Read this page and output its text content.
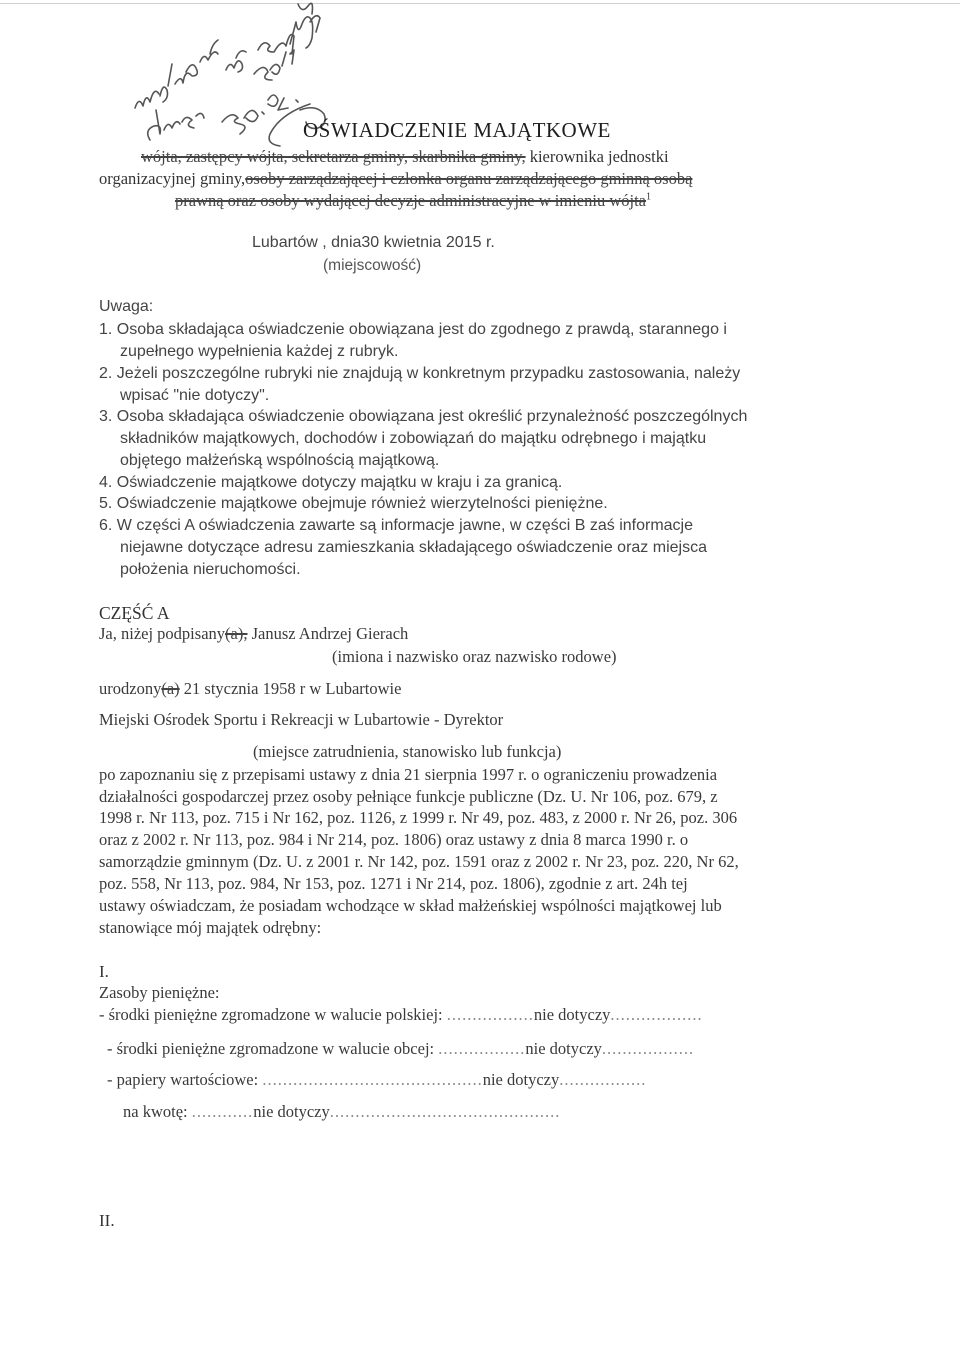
OŚWIADCZENIE MAJĄTKOWE
wójta, zastępcy wójta, sekretarza gminy, skarbnika gminy, kierownika jednostki
organizacyjnej gminy,osoby zarządzającej i członka organu zarządzającego gminną osobą
prawną oraz osoby wydającej decyzje administracyjne w imieniu wójta$^1$
Lubartów , dnia30 kwietnia 2015 r.
(miejscowość)
Uwaga:
1. Osoba składająca oświadczenie obowiązana jest do zgodnego z prawdą, starannego i
zupełnego wypełnienia każdej z rubryk.
2. Jeżeli poszczególne rubryki nie znajdują w konkretnym przypadku zastosowania, należy
wpisać "nie dotyczy".
3. Osoba składająca oświadczenie obowiązana jest określić przynależność poszczególnych
składników majątkowych, dochodów i zobowiązań do majątku odrębnego i majątku
objętego małżeńską wspólnością majątkową.
4. Oświadczenie majątkowe dotyczy majątku w kraju i za granicą.
5. Oświadczenie majątkowe obejmuje również wierzytelności pieniężne.
6. W części A oświadczenia zawarte są informacje jawne, w części B zaś informacje
niejawne dotyczące adresu zamieszkania składającego oświadczenie oraz miejsca
położenia nieruchomości.
CZĘŚĆ A
Ja, niżej podpisany(a), Janusz Andrzej Gierach
(imiona i nazwisko oraz nazwisko rodowe)
urodzony(a) 21 stycznia 1958 r w Lubartowie
Miejski Ośrodek Sportu i Rekreacji w Lubartowie - Dyrektor
(miejsce zatrudnienia, stanowisko lub funkcja)
po zapoznaniu się z przepisami ustawy z dnia 21 sierpnia 1997 r. o ograniczeniu prowadzenia
działalności gospodarczej przez osoby pełniące funkcje publiczne (Dz. U. Nr 106, poz. 679, z
1998 r. Nr 113, poz. 715 i Nr 162, poz. 1126, z 1999 r. Nr 49, poz. 483, z 2000 r. Nr 26, poz. 306
oraz z 2002 r. Nr 113, poz. 984 i Nr 214, poz. 1806) oraz ustawy z dnia 8 marca 1990 r. o
samorządzie gminnym (Dz. U. z 2001 r. Nr 142, poz. 1591 oraz z 2002 r. Nr 23, poz. 220, Nr 62,
poz. 558, Nr 113, poz. 984, Nr 153, poz. 1271 i Nr 214, poz. 1806), zgodnie z art. 24h tej
ustawy oświadczam, że posiadam wchodzące w skład małżeńskiej wspólności majątkowej lub
stanowiące mój majątek odrębny:
I.
Zasoby pieniężne:
- środki pieniężne zgromadzone w walucie polskiej: .................nie dotyczy..................
- środki pieniężne zgromadzone w walucie obcej: .................nie dotyczy..................
- papiery wartościowe: ...........................................nie dotyczy.................
na kwotę: ............nie dotyczy.............................................
II.
